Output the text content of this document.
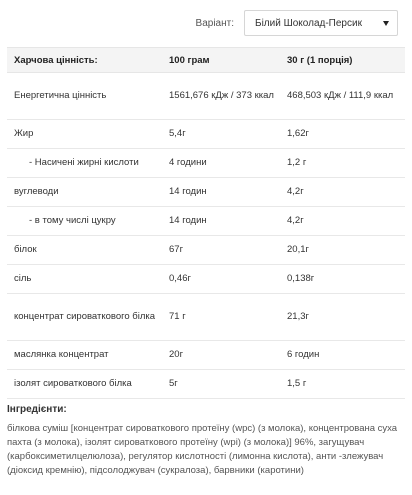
Варіант: Білий Шоколад-Персик
Харчова цінність:	100 грам	30 г (1 порція)
Енергетична цінність	1561,676 кДж / 373 ккал	468,503 кДж / 111,9 ккал
Жир	5,4г	1,62г
- Насичені жирні кислоти	4 години	1,2 г
вуглеводи	14 годин	4,2г
- в тому числі цукру	14 годин	4,2г
білок	67г	20,1г
сіль	0,46г	0,138г
концентрат сироваткового білка	71 г	21,3г
маслянка концентрат	20г	6 годин
ізолят сироваткового білка	5г	1,5 г
Інгредієнти:
білкова суміш [концентрат сироваткового протеїну (wpc) (з молока), концентрована суха пахта (з молока), ізолят сироваткового протеїну (wpi) (з молока)] 96%, загущувач (карбоксиметилцелюлоза), регулятор кислотності (лимонна кислота), анти -злежувач (діоксид кремнію), підсолоджувач (сукралоза), барвники (каротини)
